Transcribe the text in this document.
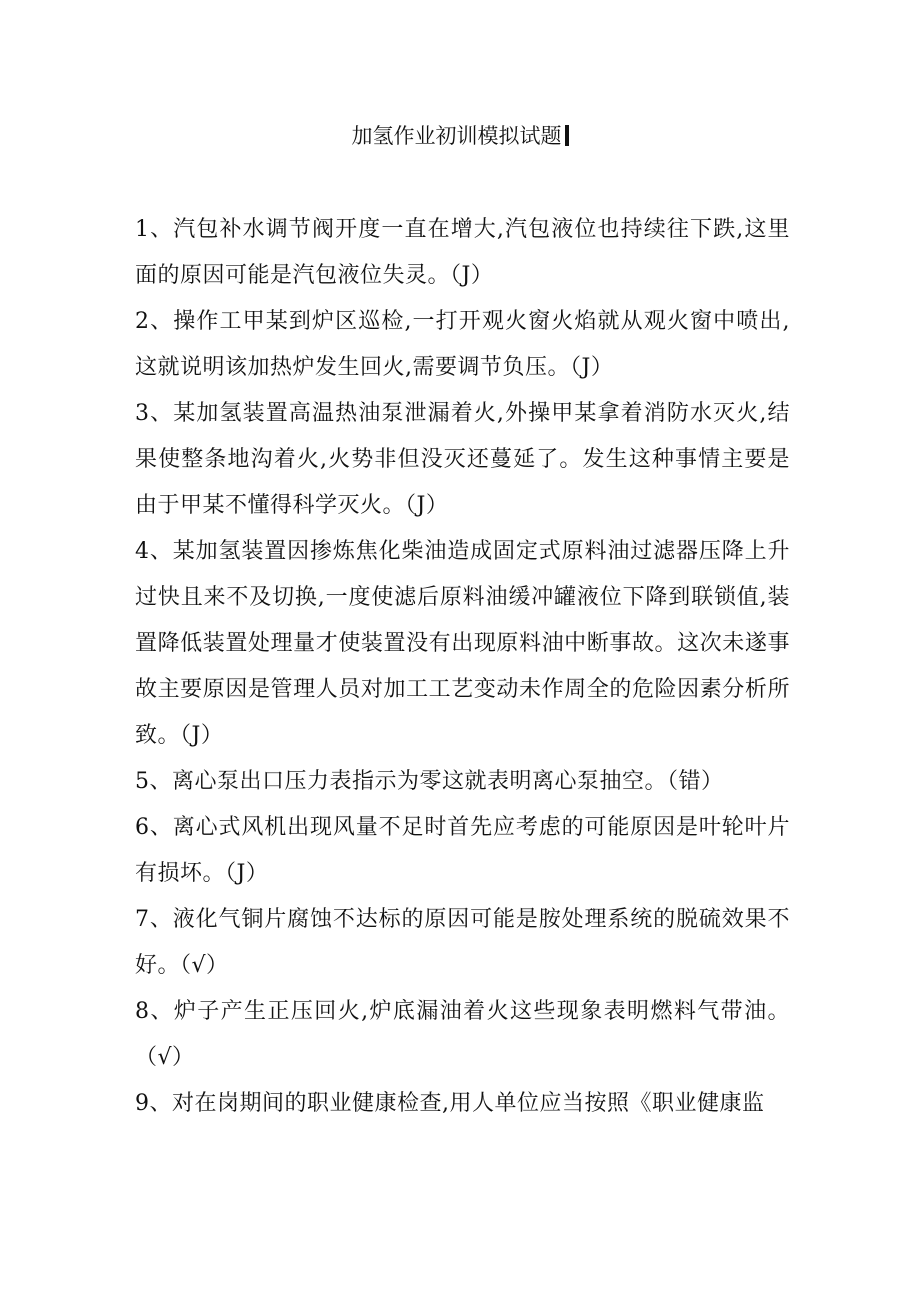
加氢作业初训模拟试题

1、汽包补水调节阀开度一直在增大,汽包液位也持续往下跌,这里面的原因可能是汽包液位失灵。（J）

2、操作工甲某到炉区巡检,一打开观火窗火焰就从观火窗中喷出,这就说明该加热炉发生回火,需要调节负压。（J）

3、某加氢装置高温热油泵泄漏着火,外操甲某拿着消防水灭火,结果使整条地沟着火,火势非但没灭还蔓延了。发生这种事情主要是由于甲某不懂得科学灭火。（J）

4、某加氢装置因掺炼焦化柴油造成固定式原料油过滤器压降上升过快且来不及切换,一度使滤后原料油缓冲罐液位下降到联锁值,装置降低装置处理量才使装置没有出现原料油中断事故。这次未遂事故主要原因是管理人员对加工工艺变动未作周全的危险因素分析所致。（J）

5、离心泵出口压力表指示为零这就表明离心泵抽空。（错）

6、离心式风机出现风量不足时首先应考虑的可能原因是叶轮叶片有损坏。（J）

7、液化气铜片腐蚀不达标的原因可能是胺处理系统的脱硫效果不好。（√）

8、炉子产生正压回火,炉底漏油着火这些现象表明燃料气带油。（√）

9、对在岗期间的职业健康检查,用人单位应当按照《职业健康监
